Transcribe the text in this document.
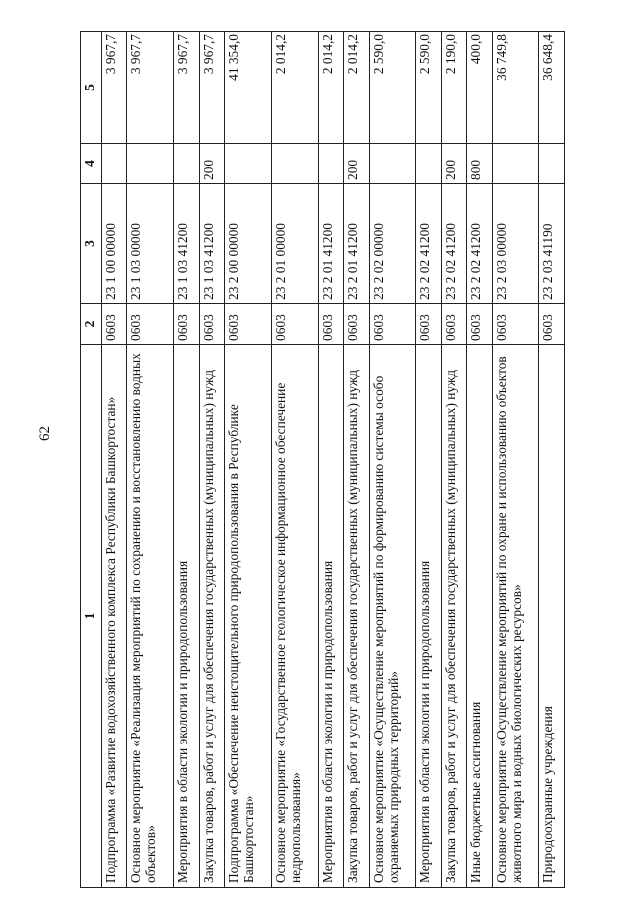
62
1	2	3	4	5
Подпрограмма «Развитие водохозяйственного комплекса Республики Башкортостан»	0603	23 1 00 00000		3 967,7
Основное мероприятие «Реализация мероприятий по сохранению и восстановлению водных объектов»	0603	23 1 03 00000		3 967,7
Мероприятия в области экологии и природопользования	0603	23 1 03 41200		3 967,7
Закупка товаров, работ и услуг для обеспечения государственных (муниципальных) нужд	0603	23 1 03 41200	200	3 967,7
Подпрограмма «Обеспечение неистощительного природопользования в Республике Башкортостан»	0603	23 2 00 00000		41 354,0
Основное мероприятие «Государственное геологическое информационное обеспечение недропользования»	0603	23 2 01 00000		2 014,2
Мероприятия в области экологии и природопользования	0603	23 2 01 41200		2 014,2
Закупка товаров, работ и услуг для обеспечения государственных (муниципальных) нужд	0603	23 2 01 41200	200	2 014,2
Основное мероприятие «Осуществление мероприятий по формированию системы особо охраняемых природных территорий»	0603	23 2 02 00000		2 590,0
Мероприятия в области экологии и природопользования	0603	23 2 02 41200		2 590,0
Закупка товаров, работ и услуг для обеспечения государственных (муниципальных) нужд	0603	23 2 02 41200	200	2 190,0
Иные бюджетные ассигнования	0603	23 2 02 41200	800	400,0
Основное мероприятие «Осуществление мероприятий по охране и использованию объектов животного мира и водных биологических ресурсов»	0603	23 2 03 00000		36 749,8
Природоохранные учреждения	0603	23 2 03 41190		36 648,4
